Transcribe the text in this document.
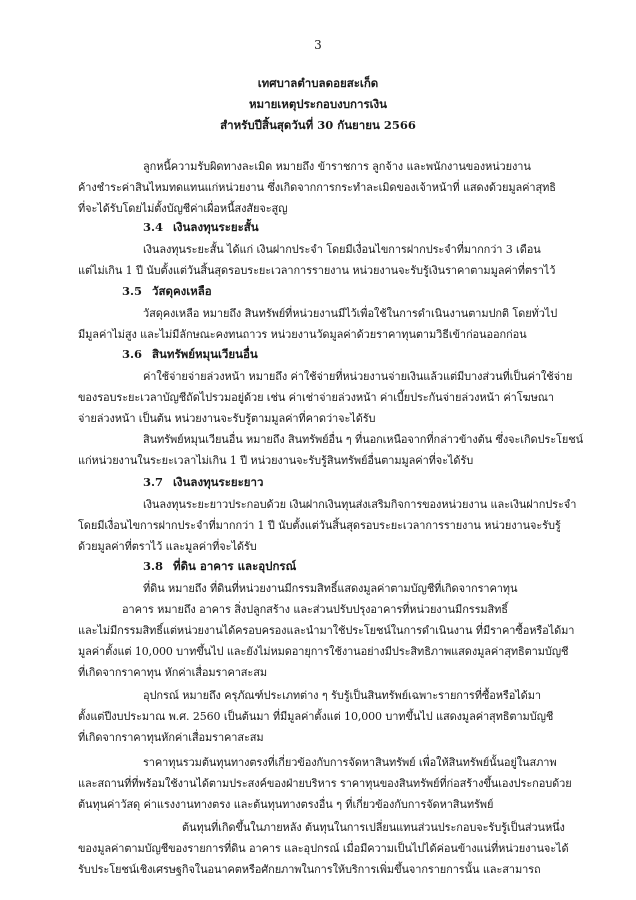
3
เทศบาลตำบลดอยสะเก็ด
หมายเหตุประกอบงบการเงิน
สำหรับปีสิ้นสุดวันที่ 30 กันยายน 2566
ลูกหนี้ความรับผิดทางละเมิด หมายถึง ข้าราชการ ลูกจ้าง และพนักงานของหน่วยงาน
ค้างชำระค่าสินไหมทดแทนแก่หน่วยงาน ซึ่งเกิดจากการกระทำละเมิดของเจ้าหน้าที่ แสดงด้วยมูลค่าสุทธิ
ที่จะได้รับโดยไม่ตั้งบัญชีค่าเผื่อหนี้สงสัยจะสูญ
3.4 เงินลงทุนระยะสั้น
เงินลงทุนระยะสั้น ได้แก่ เงินฝากประจำ โดยมีเงื่อนไขการฝากประจำที่มากกว่า 3 เดือน
แต่ไม่เกิน 1 ปี นับตั้งแต่วันสิ้นสุดรอบระยะเวลาการรายงาน หน่วยงานจะรับรู้เงินราคาตามมูลค่าที่ตราไว้
3.5 วัสดุคงเหลือ
วัสดุคงเหลือ หมายถึง สินทรัพย์ที่หน่วยงานมีไว้เพื่อใช้ในการดำเนินงานตามปกติ โดยทั่วไป
มีมูลค่าไม่สูง และไม่มีลักษณะคงทนถาวร หน่วยงานวัดมูลค่าด้วยราคาทุนตามวิธีเข้าก่อนออกก่อน
3.6 สินทรัพย์หมุนเวียนอื่น
ค่าใช้จ่ายจ่ายล่วงหน้า หมายถึง ค่าใช้จ่ายที่หน่วยงานจ่ายเงินแล้วแต่มีบางส่วนที่เป็นค่าใช้จ่าย
ของรอบระยะเวลาบัญชีถัดไปรวมอยู่ด้วย เช่น ค่าเช่าจ่ายล่วงหน้า ค่าเบี้ยประกันจ่ายล่วงหน้า ค่าโฆษณา
จ่ายล่วงหน้า เป็นต้น หน่วยงานจะรับรู้ตามมูลค่าที่คาดว่าจะได้รับ
สินทรัพย์หมุนเวียนอื่น หมายถึง สินทรัพย์อื่น ๆ ที่นอกเหนือจากที่กล่าวข้างต้น ซึ่งจะเกิดประโยชน์
แก่หน่วยงานในระยะเวลาไม่เกิน 1 ปี หน่วยงานจะรับรู้สินทรัพย์อื่นตามมูลค่าที่จะได้รับ
3.7 เงินลงทุนระยะยาว
เงินลงทุนระยะยาวประกอบด้วย เงินฝากเงินทุนส่งเสริมกิจการของหน่วยงาน และเงินฝากประจำ
โดยมีเงื่อนไขการฝากประจำที่มากกว่า 1 ปี นับตั้งแต่วันสิ้นสุดรอบระยะเวลาการรายงาน หน่วยงานจะรับรู้
ด้วยมูลค่าที่ตราไว้ และมูลค่าที่จะได้รับ
3.8 ที่ดิน อาคาร และอุปกรณ์
ที่ดิน หมายถึง ที่ดินที่หน่วยงานมีกรรมสิทธิ์แสดงมูลค่าตามบัญชีที่เกิดจากราคาทุน
อาคาร หมายถึง อาคาร สิ่งปลูกสร้าง และส่วนปรับปรุงอาคารที่หน่วยงานมีกรรมสิทธิ์
และไม่มีกรรมสิทธิ์แต่หน่วยงานได้ครอบครองและนำมาใช้ประโยชน์ในการดำเนินงาน ที่มีราคาซื้อหรือได้มา
มูลค่าตั้งแต่ 10,000 บาทขึ้นไป และยังไม่หมดอายุการใช้งานอย่างมีประสิทธิภาพแสดงมูลค่าสุทธิตามบัญชี
ที่เกิดจากราคาทุน หักค่าเสื่อมราคาสะสม
อุปกรณ์ หมายถึง ครุภัณฑ์ประเภทต่าง ๆ รับรู้เป็นสินทรัพย์เฉพาะรายการที่ซื้อหรือได้มา
ตั้งแต่ปีงบประมาณ พ.ศ. 2560 เป็นต้นมา ที่มีมูลค่าตั้งแต่ 10,000 บาทขึ้นไป แสดงมูลค่าสุทธิตามบัญชี
ที่เกิดจากราคาทุนหักค่าเสื่อมราคาสะสม
ราคาทุนรวมต้นทุนทางตรงที่เกี่ยวข้องกับการจัดหาสินทรัพย์ เพื่อให้สินทรัพย์นั้นอยู่ในสภาพ
และสถานที่ที่พร้อมใช้งานได้ตามประสงค์ของฝ่ายบริหาร ราคาทุนของสินทรัพย์ที่ก่อสร้างขึ้นเองประกอบด้วย
ต้นทุนค่าวัสดุ ค่าแรงงานทางตรง และต้นทุนทางตรงอื่น ๆ ที่เกี่ยวข้องกับการจัดหาสินทรัพย์
ต้นทุนที่เกิดขึ้นในภายหลัง ต้นทุนในการเปลี่ยนแทนส่วนประกอบจะรับรู้เป็นส่วนหนึ่ง
ของมูลค่าตามบัญชีของรายการที่ดิน อาคาร และอุปกรณ์ เมื่อมีความเป็นไปได้ค่อนข้างแน่ที่หน่วยงานจะได้
รับประโยชน์เชิงเศรษฐกิจในอนาคตหรือศักยภาพในการให้บริการเพิ่มขึ้นจากรายการนั้น และสามารถ
